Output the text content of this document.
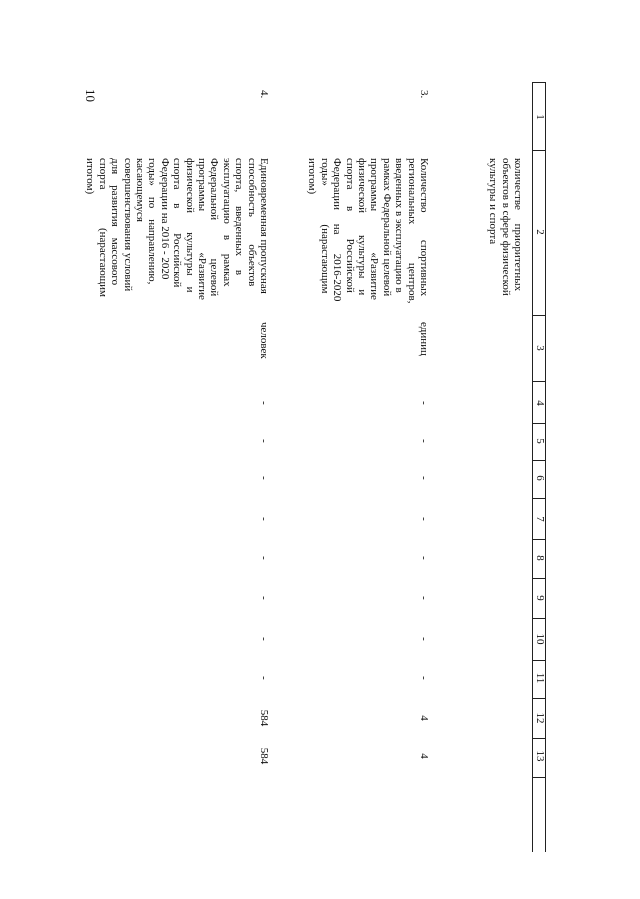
10
1
2
3
4
5
6
7
8
9
10
11
12
13
количестве     приоритетных
объектов в сфере физической
культуры и спорта
3.
Количество          спортивных
региональных              центров,
введенных в эксплуатацию в
рамках Федеральной целевой
программы               «Развитие
физической        культуры    и
спорта      в          Российской
Федерации     на       2016-2020
годы»              (нарастающим
итогом)
единиц
-
-
-
-
-
-
-
-
4
4
4.
Единовременная пропускная
способность          объектов
спорта,     введенных     в
эксплуатацию    в     рамках
Федеральной              целевой
программы               «Развитие
физической       культуры    и
спорта     в         Российской
Федерации на 2016 - 2020
годы»    по    направлению,
касающемуся
совершенствования условий
для    развития    массового
спорта              (нарастающим
итогом)
человек
-
-
-
-
-
-
-
-
584
584
